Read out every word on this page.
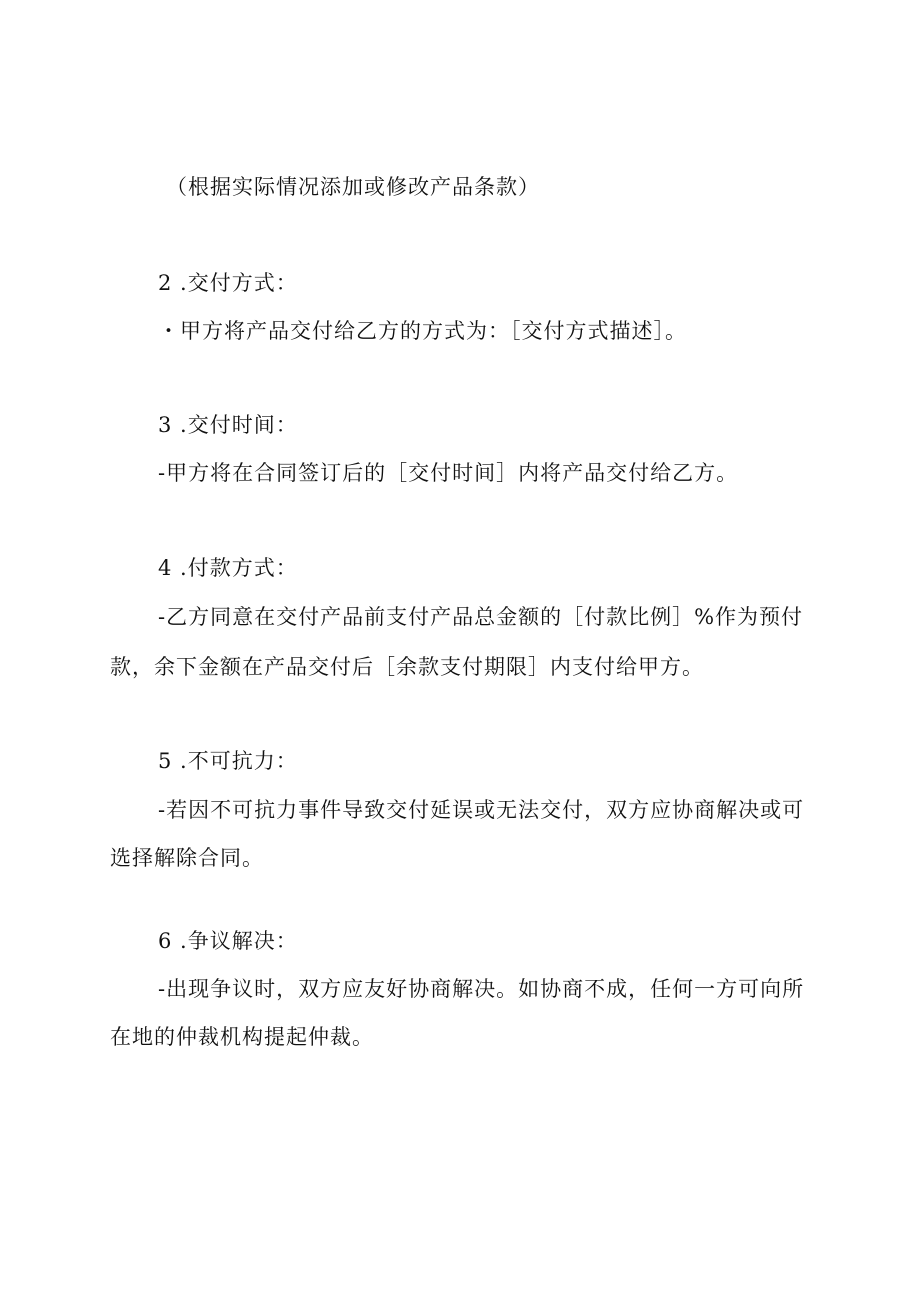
（根据实际情况添加或修改产品条款）
2 .交付方式：
・甲方将产品交付给乙方的方式为：［交付方式描述］。
3 .交付时间：
-甲方将在合同签订后的［交付时间］内将产品交付给乙方。
4 .付款方式：
-乙方同意在交付产品前支付产品总金额的［付款比例］%作为预付
款，余下金额在产品交付后［余款支付期限］内支付给甲方。
5 .不可抗力：
-若因不可抗力事件导致交付延误或无法交付，双方应协商解决或可
选择解除合同。
6 .争议解决：
-出现争议时，双方应友好协商解决。如协商不成，任何一方可向所
在地的仲裁机构提起仲裁。
